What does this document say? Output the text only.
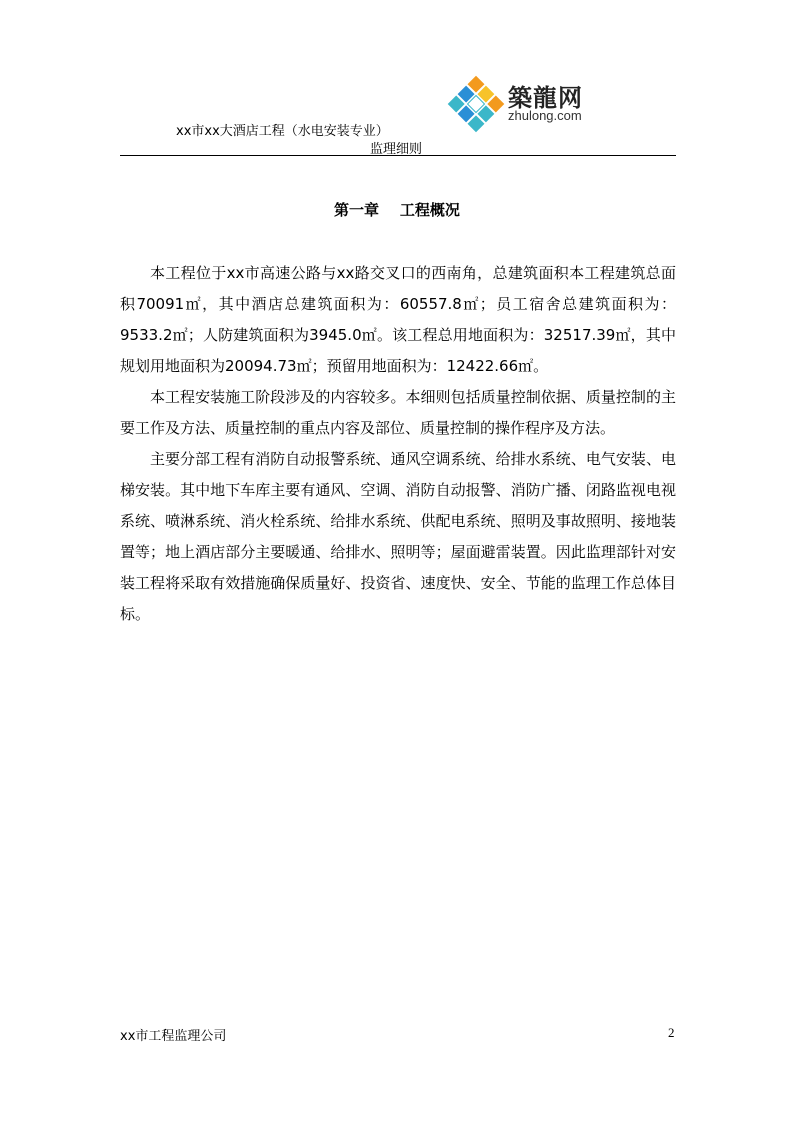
xx市xx大酒店工程（水电安装专业）
监理细则
築龍网
zhulong.com
第一章    工程概况

本工程位于xx市高速公路与xx路交叉口的西南角，总建筑面积本工程建筑总面积70091㎡，其中酒店总建筑面积为：60557.8㎡；员工宿舍总建筑面积为：9533.2㎡；人防建筑面积为3945.0㎡。该工程总用地面积为：32517.39㎡，其中规划用地面积为20094.73㎡；预留用地面积为：12422.66㎡。

本工程安装施工阶段涉及的内容较多。本细则包括质量控制依据、质量控制的主要工作及方法、质量控制的重点内容及部位、质量控制的操作程序及方法。

主要分部工程有消防自动报警系统、通风空调系统、给排水系统、电气安装、电梯安装。其中地下车库主要有通风、空调、消防自动报警、消防广播、闭路监视电视系统、喷淋系统、消火栓系统、给排水系统、供配电系统、照明及事故照明、接地装置等；地上酒店部分主要暖通、给排水、照明等；屋面避雷装置。因此监理部针对安装工程将采取有效措施确保质量好、投资省、速度快、安全、节能的监理工作总体目标。

xx市工程监理公司	2
